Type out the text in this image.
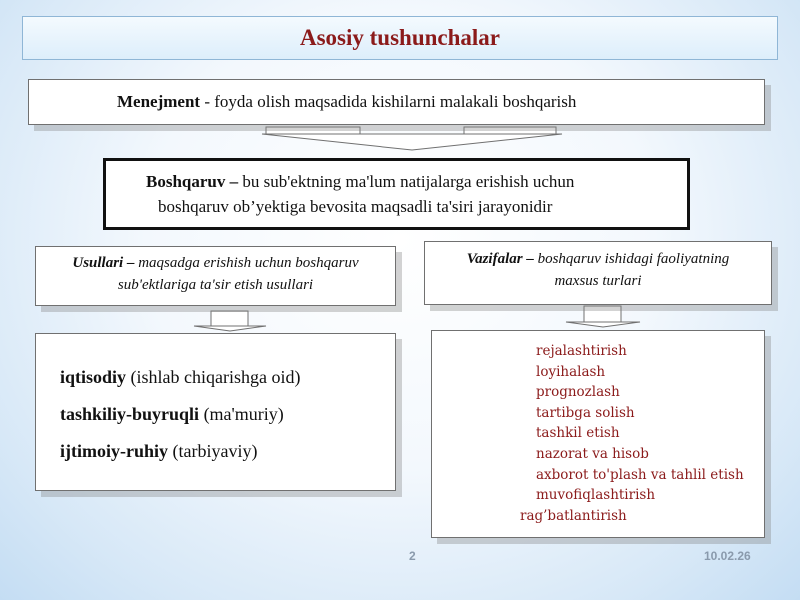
Asosiy tushunchalar
Menejment - foyda olish maqsadida kishilarni malakali boshqarish
Boshqaruv – bu sub'ektning ma'lum natijalarga erishish uchun
boshqaruv ob’yektiga bevosita maqsadli ta'siri jarayonidir
Usullari – maqsadga erishish uchun boshqaruv
sub'ektlariga ta'sir etish usullari
Vazifalar – boshqaruv ishidagi faoliyatning
maxsus turlari
iqtisodiy (ishlab chiqarishga oid)
tashkiliy-buyruqli (ma'muriy)
ijtimoiy-ruhiy (tarbiyaviy)
rejalashtirish
loyihalash
prognozlash
tartibga solish
tashkil etish
nazorat va hisob
axborot to'plash va tahlil etish
muvofiqlashtirish
rag’batlantirish
2	10.02.26
